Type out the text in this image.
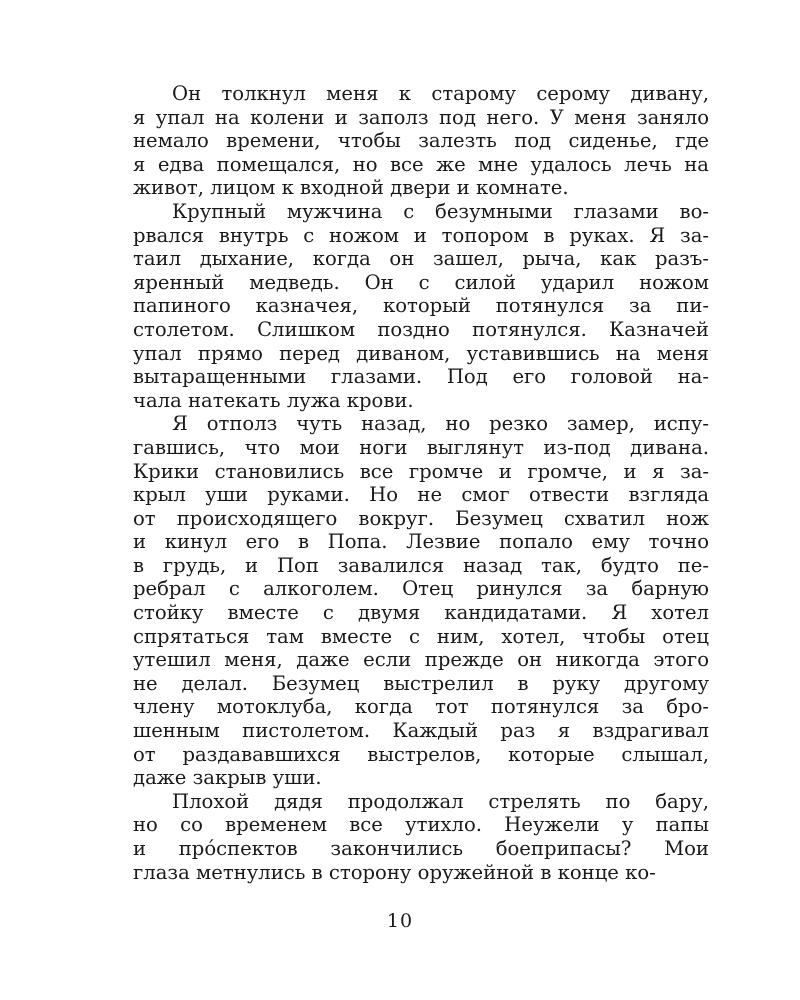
Он толкнул меня к старому серому дивану,
я упал на колени и заполз под него. У меня заняло
немало времени, чтобы залезть под сиденье, где
я едва помещался, но все же мне удалось лечь на
живот, лицом к входной двери и комнате.

Крупный мужчина с безумными глазами во-
рвался внутрь с ножом и топором в руках. Я за-
таил дыхание, когда он зашел, рыча, как разъ-
яренный медведь. Он с силой ударил ножом
папиного казначея, который потянулся за пи-
столетом. Слишком поздно потянулся. Казначей
упал прямо перед диваном, уставившись на меня
вытаращенными глазами. Под его головой на-
чала натекать лужа крови.

Я отполз чуть назад, но резко замер, испу-
гавшись, что мои ноги выглянут из-под дивана.
Крики становились все громче и громче, и я за-
крыл уши руками. Но не смог отвести взгляда
от происходящего вокруг. Безумец схватил нож
и кинул его в Попа. Лезвие попало ему точно
в грудь, и Поп завалился назад так, будто пе-
ребрал с алкоголем. Отец ринулся за барную
стойку вместе с двумя кандидатами. Я хотел
спрятаться там вместе с ним, хотел, чтобы отец
утешил меня, даже если прежде он никогда этого
не делал. Безумец выстрелил в руку другому
члену мотоклуба, когда тот потянулся за бро-
шенным пистолетом. Каждый раз я вздрагивал
от раздававшихся выстрелов, которые слышал,
даже закрыв уши.

Плохой дядя продолжал стрелять по бару,
но со временем все утихло. Неужели у папы
и прóспектов закончились боеприпасы? Мои
глаза метнулись в сторону оружейной в конце ко-

10
